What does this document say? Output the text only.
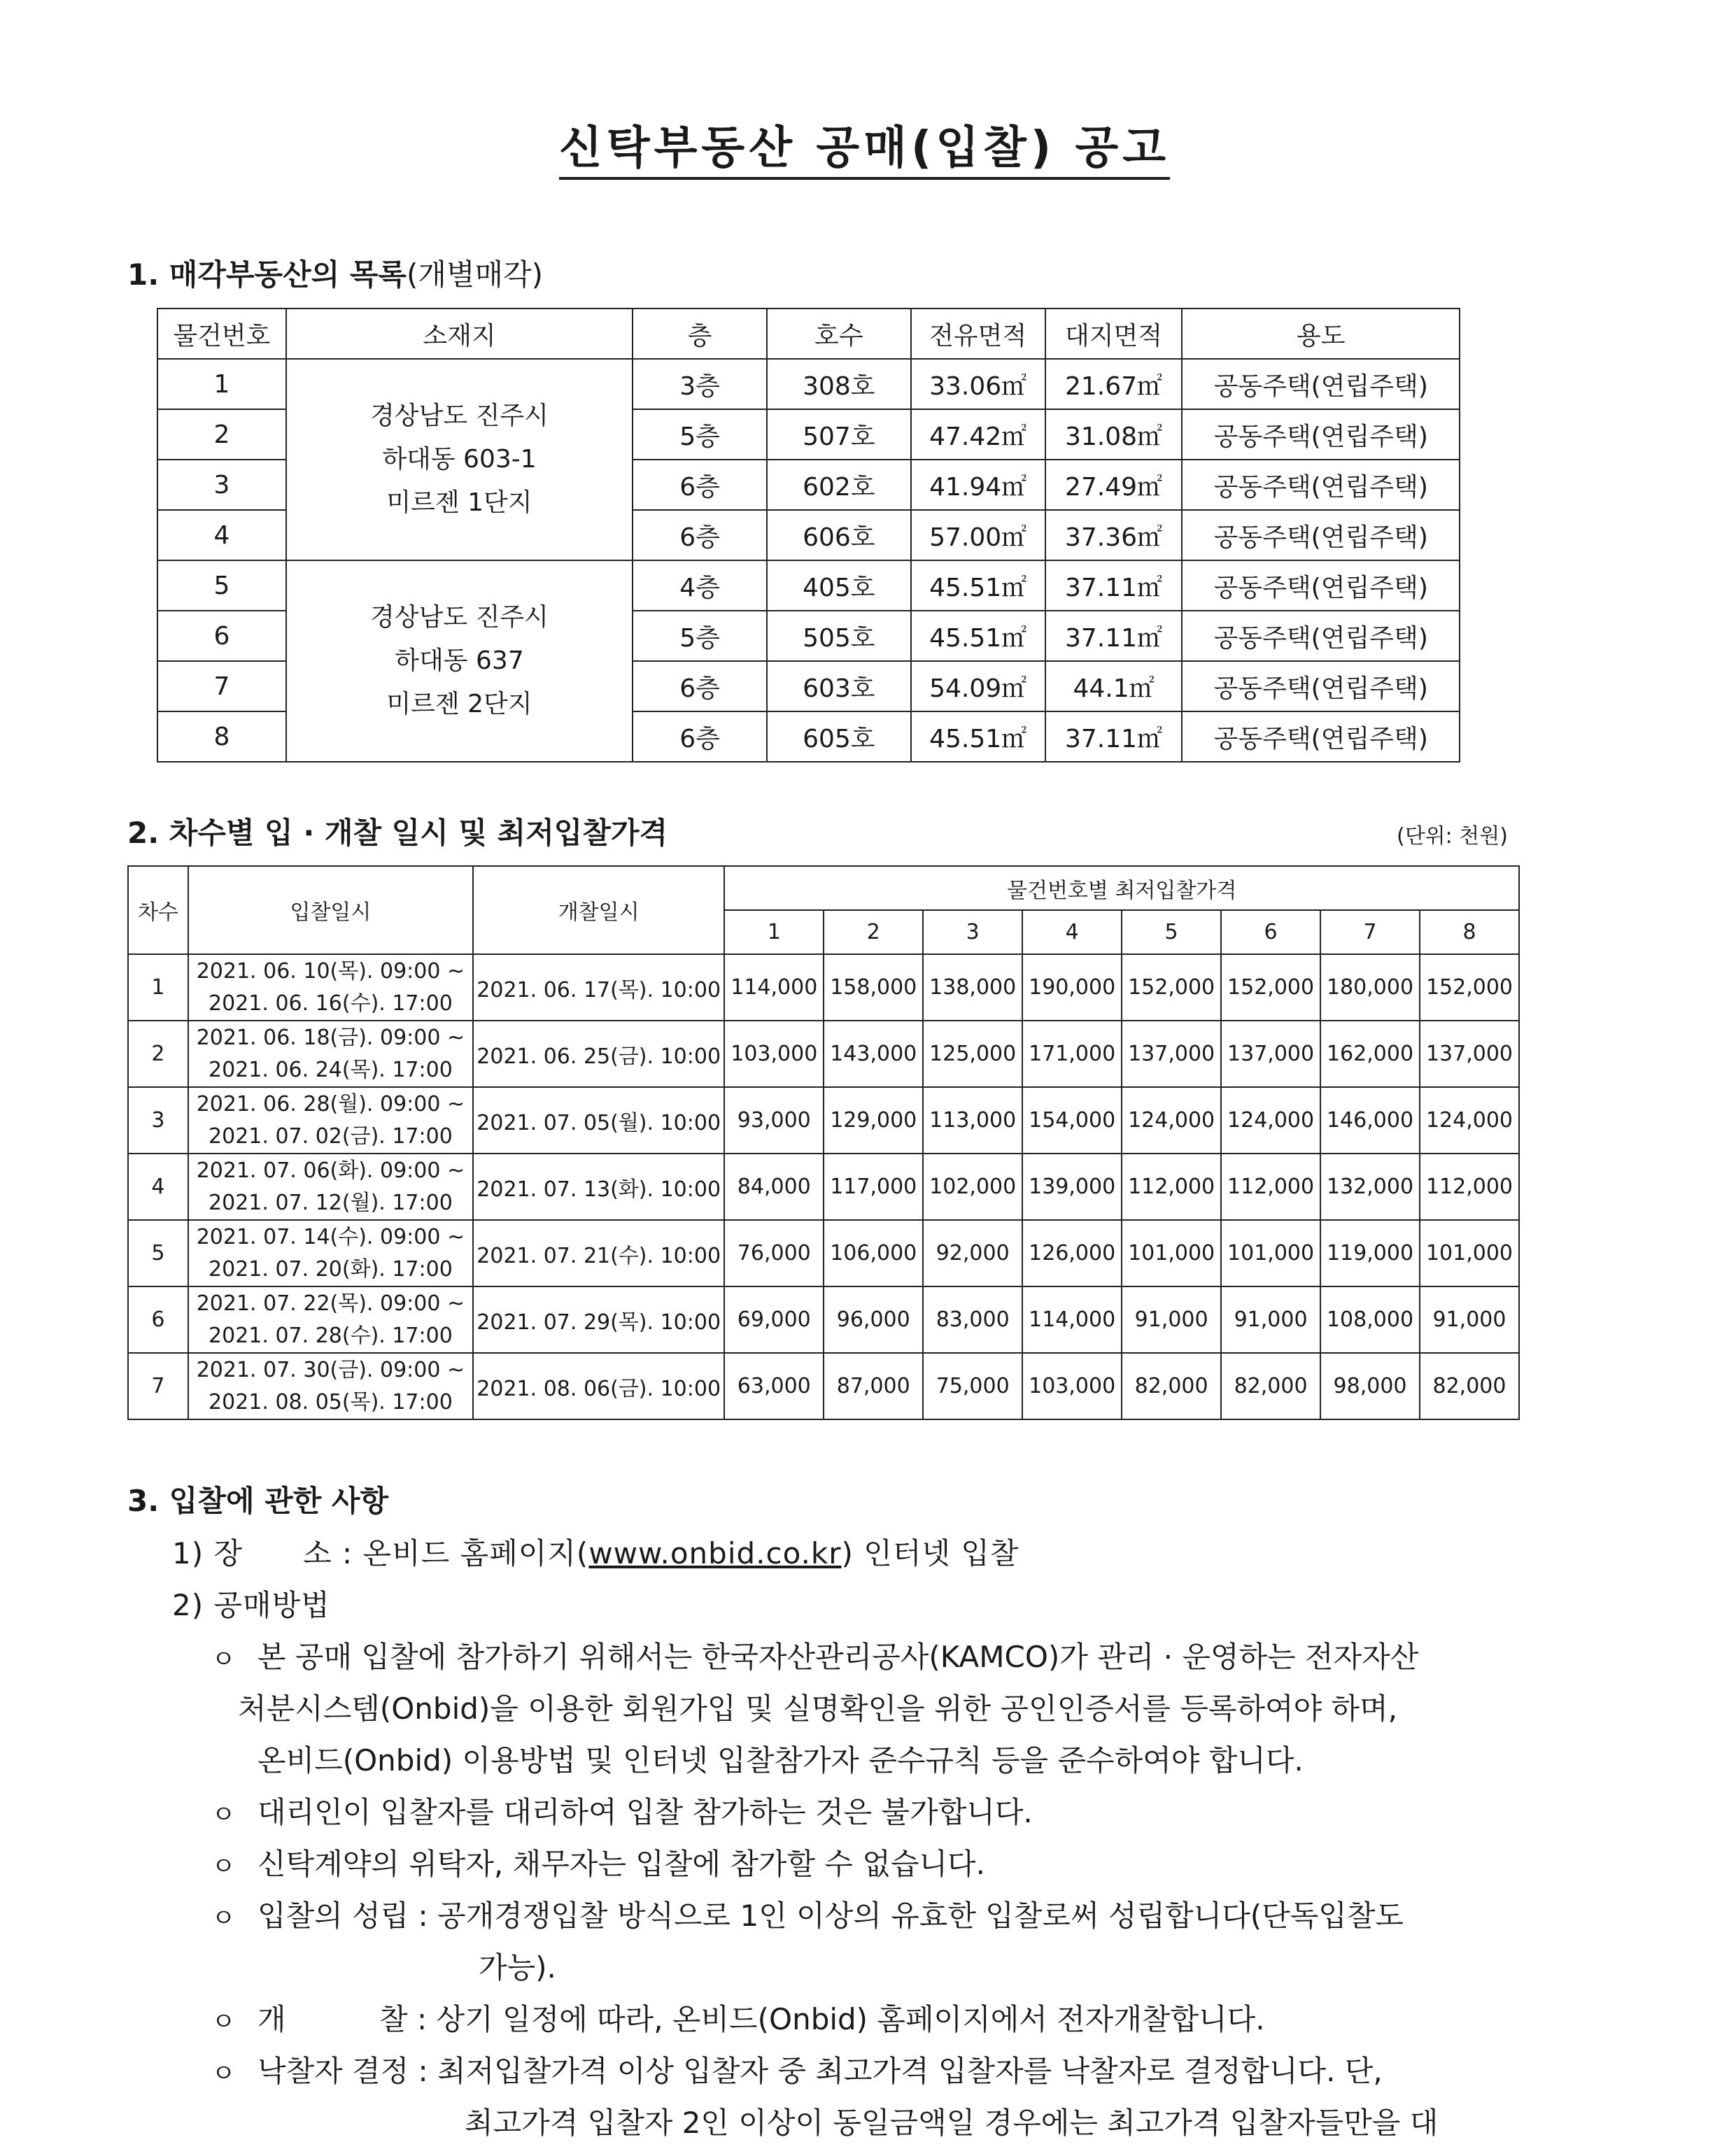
신탁부동산 공매(입찰) 공고
1. 매각부동산의 목록(개별매각)
물건번호	소재지	층	호수	전유면적	대지면적	용도
1	경상남도 진주시
하대동 603-1
미르젠 1단지	3층	308호	33.06㎡	21.67㎡	공동주택(연립주택)
2		5층	507호	47.42㎡	31.08㎡	공동주택(연립주택)
3		6층	602호	41.94㎡	27.49㎡	공동주택(연립주택)
4		6층	606호	57.00㎡	37.36㎡	공동주택(연립주택)
5	경상남도 진주시
하대동 637
미르젠 2단지	4층	405호	45.51㎡	37.11㎡	공동주택(연립주택)
6		5층	505호	45.51㎡	37.11㎡	공동주택(연립주택)
7		6층	603호	54.09㎡	44.1㎡	공동주택(연립주택)
8		6층	605호	45.51㎡	37.11㎡	공동주택(연립주택)
2. 차수별 입 · 개찰 일시 및 최저입찰가격	(단위: 천원)
차수	입찰일시	개찰일시	물건번호별 최저입찰가격							
			1	2	3	4	5	6	7	8
1	2021. 06. 10(목). 09:00 ~
2021. 06. 16(수). 17:00	2021. 06. 17(목). 10:00	114,000	158,000	138,000	190,000	152,000	152,000	180,000	152,000
2	2021. 06. 18(금). 09:00 ~
2021. 06. 24(목). 17:00	2021. 06. 25(금). 10:00	103,000	143,000	125,000	171,000	137,000	137,000	162,000	137,000
3	2021. 06. 28(월). 09:00 ~
2021. 07. 02(금). 17:00	2021. 07. 05(월). 10:00	93,000	129,000	113,000	154,000	124,000	124,000	146,000	124,000
4	2021. 07. 06(화). 09:00 ~
2021. 07. 12(월). 17:00	2021. 07. 13(화). 10:00	84,000	117,000	102,000	139,000	112,000	112,000	132,000	112,000
5	2021. 07. 14(수). 09:00 ~
2021. 07. 20(화). 17:00	2021. 07. 21(수). 10:00	76,000	106,000	92,000	126,000	101,000	101,000	119,000	101,000
6	2021. 07. 22(목). 09:00 ~
2021. 07. 28(수). 17:00	2021. 07. 29(목). 10:00	69,000	96,000	83,000	114,000	91,000	91,000	108,000	91,000
7	2021. 07. 30(금). 09:00 ~
2021. 08. 05(목). 17:00	2021. 08. 06(금). 10:00	63,000	87,000	75,000	103,000	82,000	82,000	98,000	82,000
3. 입찰에 관한 사항
1) 장      소 : 온비드 홈페이지(www.onbid.co.kr) 인터넷 입찰
2) 공매방법
ㅇ 본 공매 입찰에 참가하기 위해서는 한국자산관리공사(KAMCO)가 관리 · 운영하는 전자자산
처분시스템(Onbid)을 이용한 회원가입 및 실명확인을 위한 공인인증서를 등록하여야 하며,
온비드(Onbid) 이용방법 및 인터넷 입찰참가자 준수규칙 등을 준수하여야 합니다.
ㅇ 대리인이 입찰자를 대리하여 입찰 참가하는 것은 불가합니다.
ㅇ 신탁계약의 위탁자, 채무자는 입찰에 참가할 수 없습니다.
ㅇ 입찰의 성립 : 공개경쟁입찰 방식으로 1인 이상의 유효한 입찰로써 성립합니다(단독입찰도
가능).
ㅇ 개          찰 : 상기 일정에 따라, 온비드(Onbid) 홈페이지에서 전자개찰합니다.
ㅇ 낙찰자 결정 : 최저입찰가격 이상 입찰자 중 최고가격 입찰자를 낙찰자로 결정합니다. 단,
최고가격 입찰자 2인 이상이 동일금액일 경우에는 최고가격 입찰자들만을 대
